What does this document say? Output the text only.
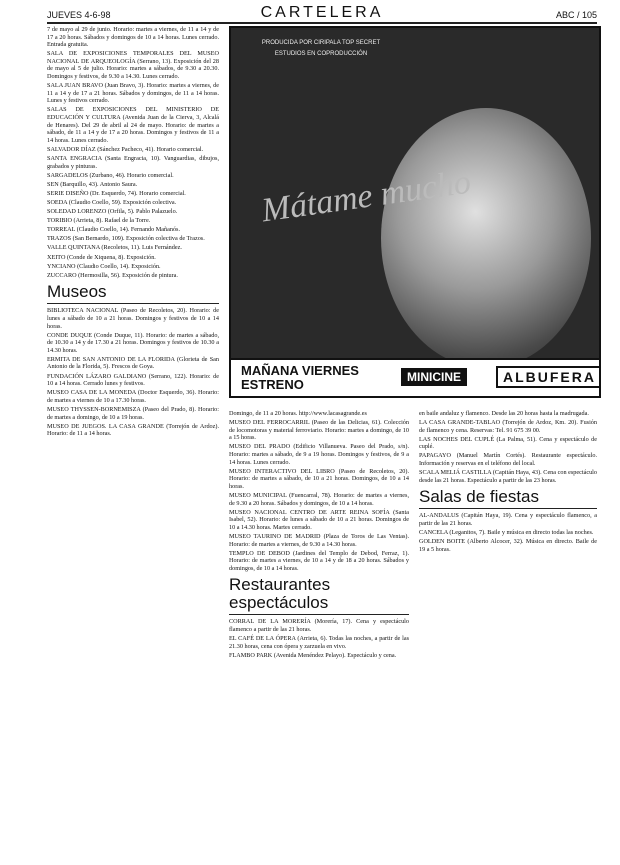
JUEVES 4-6-98	CARTELERA	ABC / 105

7 de mayo al 29 de junio. Horario: martes a viernes, de 11 a 14 y de 17 a 20 horas. Sábados y domingos de 10 a 14 horas. Lunes cerrado. Entrada gratuita.

SALA DE EXPOSICIONES TEMPORALES DEL MUSEO NACIONAL DE ARQUEOLOGÍA (Serrano, 13). Exposición del 28 de mayo al 5 de julio. Horario: martes a sábados, de 9.30 a 20.30. Domingos y festivos, de 9.30 a 14.30. Lunes cerrado.

SALA JUAN BRAVO (Juan Bravo, 3). Horario: martes a viernes, de 11 a 14 y de 17 a 21 horas. Sábados y domingos, de 11 a 14 horas. Lunes y festivos cerrado.

SALAS DE EXPOSICIONES DEL MINISTERIO DE EDUCACIÓN Y CULTURA (Avenida Juan de la Cierva, 3, Alcalá de Henares). Del 29 de abril al 24 de mayo. Horario: de martes a sábado, de 11 a 14 y de 17 a 20 horas. Domingos y festivos de 11 a 14 horas. Lunes cerrado.

SALVADOR DÍAZ (Sánchez Pacheco, 41). Horario comercial.

SANTA ENGRACIA (Santa Engracia, 10). Vanguardias, dibujos, grabados y pinturas.

SARGADELOS (Zurbano, 46). Horario comercial.

SEN (Barquillo, 43). Antonio Saura.

SERIE DISEÑO (Dr. Esquerdo, 74). Horario comercial.

SOEDA (Claudio Coello, 59). Exposición colectiva.

SOLEDAD LORENZO (Orfila, 5). Pablo Palazuelo.

TORIBIO (Arrieta, 8). Rafael de la Torre.

TORREAL (Claudio Coello, 14). Fernando Mañanós.

TRAZOS (San Bernardo, 109). Exposición colectiva de Trazos.

VALLE QUINTANA (Recoletos, 11). Luis Fernández.

XEITO (Conde de Xiquena, 8). Exposición.

YNCIANO (Claudio Coello, 14). Exposición.

ZUCCARO (Hermosilla, 56). Exposición de pintura.

Museos

BIBLIOTECA NACIONAL (Paseo de Recoletos, 20). Horario: de lunes a sábado de 10 a 21 horas. Domingos y festivos de 10 a 14 horas.

CONDE DUQUE (Conde Duque, 11). Horario: de martes a sábado, de 10.30 a 14 y de 17.30 a 21 horas. Domingos y festivos de 10.30 a 14.30 horas.

ERMITA DE SAN ANTONIO DE LA FLORIDA (Glorieta de San Antonio de la Florida, 5). Frescos de Goya.

FUNDACIÓN LÁZARO GALDIANO (Serrano, 122). Horario: de 10 a 14 horas. Cerrado lunes y festivos.

MUSEO CASA DE LA MONEDA (Doctor Esquerdo, 36). Horario: de martes a viernes de 10 a 17.30 horas.

MUSEO THYSSEN-BORNEMISZA (Paseo del Prado, 8). Horario: de martes a domingo, de 10 a 19 horas.

MUSEO DE JUEGOS. LA CASA GRANDE (Torrejón de Ardoz). Horario: de 11 a 14 horas.

PRODUCIDA POR CIRIPALA TOP SECRET ESTUDIOS EN COPRODUCCIÓN
Mátame mucho
MAÑANA VIERNES
ESTRENO	MINICINE	ALBUFERA

Domingo, de 11 a 20 horas. http://www.lacasagrande.es

MUSEO DEL FERROCARRIL (Paseo de las Delicias, 61). Colección de locomotoras y material ferroviario. Horario: martes a domingo, de 10 a 15 horas.

MUSEO DEL PRADO (Edificio Villanueva. Paseo del Prado, s/n). Horario: martes a sábado, de 9 a 19 horas. Domingos y festivos, de 9 a 14 horas. Lunes cerrado.

MUSEO INTERACTIVO DEL LIBRO (Paseo de Recoletos, 20). Horario: de martes a sábado, de 10 a 21 horas. Domingos, de 10 a 14 horas.

MUSEO MUNICIPAL (Fuencarral, 78). Horario: de martes a viernes, de 9.30 a 20 horas. Sábados y domingos, de 10 a 14 horas.

MUSEO NACIONAL CENTRO DE ARTE REINA SOFÍA (Santa Isabel, 52). Horario: de lunes a sábado de 10 a 21 horas. Domingos de 10 a 14.30 horas. Martes cerrado.

MUSEO TAURINO DE MADRID (Plaza de Toros de Las Ventas). Horario: de martes a viernes, de 9.30 a 14.30 horas.

TEMPLO DE DEBOD (Jardines del Templo de Debod, Ferraz, 1). Horario: de martes a viernes, de 10 a 14 y de 18 a 20 horas. Sábados y domingos, de 10 a 14 horas.

Restaurantes espectáculos

CORRAL DE LA MORERÍA (Morería, 17). Cena y espectáculo flamenco a partir de las 21 horas.

EL CAFÉ DE LA ÓPERA (Arrieta, 6). Todas las noches, a partir de las 21.30 horas, cena con ópera y zarzuela en vivo.

FLAMBO PARK (Avenida Menéndez Pelayo). Espectáculo y cena.

en baile andaluz y flamenco. Desde las 20 horas hasta la madrugada.

LA CASA GRANDE-TABLAO (Torrejón de Ardoz, Km. 20). Fusión de flamenco y cena. Reservas: Tel. 91 675 39 00.

LAS NOCHES DEL CUPLÉ (La Palma, 51). Cena y espectáculo de cuplé.

PAPAGAYO (Manuel Martín Cortés). Restaurante espectáculo. Información y reservas en el teléfono del local.

SCALA MELIÁ CASTILLA (Capitán Haya, 43). Cena con espectáculo desde las 21 horas. Espectáculo a partir de las 23 horas.

Salas de fiestas

AL-ANDALUS (Capitán Haya, 19). Cena y espectáculo flamenco, a partir de las 21 horas.

CANCELA (Leganitos, 7). Baile y música en directo todas las noches.

GOLDEN BOITE (Alberto Alcocer, 32). Música en directo. Baile de 19 a 5 horas.
